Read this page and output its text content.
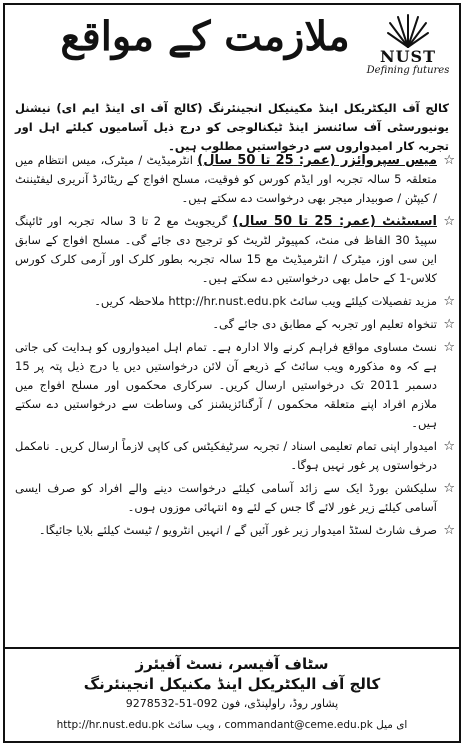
ملازمت کے مواقع	NUST
Defining futures
کالج آف الیکٹریکل اینڈ مکینیکل انجینئرنگ (کالج آف ای اینڈ ایم ای) نیشنل یونیورسٹی آف سائنسز اینڈ ٹیکنالوجی کو درج ذیل آسامیوں کیلئے اہل اور تجربہ کار امیدواروں سے درخواستیں مطلوب ہیں۔
☆
میس سپروائزر (عمر: 25 تا 50 سال) انٹرمیڈیٹ / میٹرک، میس انتظام میں متعلقہ 5 سالہ تجربہ اور ایڈم کورس کو فوقیت، مسلح افواج کے ریٹائرڈ آنریری لیفٹیننٹ / کیپٹن / صوبیدار میجر بھی درخواست دے سکتے ہیں۔
☆
اسسٹنٹ (عمر: 25 تا 50 سال) گریجویٹ مع 2 تا 3 سالہ تجربہ اور ٹائپنگ سپیڈ 30 الفاظ فی منٹ، کمپیوٹر لٹریٹ کو ترجیح دی جائے گی۔ مسلح افواج کے سابق این سی اوز، میٹرک / انٹرمیڈیٹ مع 15 سالہ تجربہ بطور کلرک اور آرمی کلرک کورس کلاس-1 کے حامل بھی درخواستیں دے سکتے ہیں۔
☆
مزید تفصیلات کیلئے ویب سائٹ http://hr.nust.edu.pk ملاحظہ کریں۔
☆
تنخواہ تعلیم اور تجربہ کے مطابق دی جائے گی۔
☆
نسٹ مساوی مواقع فراہم کرنے والا ادارہ ہے۔ تمام اہل امیدواروں کو ہدایت کی جاتی ہے کہ وہ مذکورہ ویب سائٹ کے ذریعے آن لائن درخواستیں دیں یا درج ذیل پتہ پر 15 دسمبر 2011 تک درخواستیں ارسال کریں۔ سرکاری محکموں اور مسلح افواج میں ملازم افراد اپنے متعلقہ محکموں / آرگنائزیشنز کی وساطت سے درخواستیں دے سکتے ہیں۔
☆
امیدوار اپنی تمام تعلیمی اسناد / تجربہ سرٹیفکیٹس کی کاپی لازماً ارسال کریں۔ نامکمل درخواستوں پر غور نہیں ہوگا۔
☆
سلیکشن بورڈ ایک سے زائد آسامی کیلئے درخواست دینے والے افراد کو صرف ایسی آسامی کیلئے زیر غور لائے گا جس کے لئے وہ انتہائی موزوں ہوں۔
☆
صرف شارٹ لسٹڈ امیدوار زیر غور آئیں گے / انہیں انٹرویو / ٹیسٹ کیلئے بلایا جائیگا۔
سٹاف آفیسر، نسٹ آفیئرز
کالج آف الیکٹریکل اینڈ مکنیکل انجینئرنگ
پشاور روڈ، راولپنڈی، فون 092-51-9278532
ای میل commandant@ceme.edu.pk ، ویب سائٹ http://hr.nust.edu.pk
